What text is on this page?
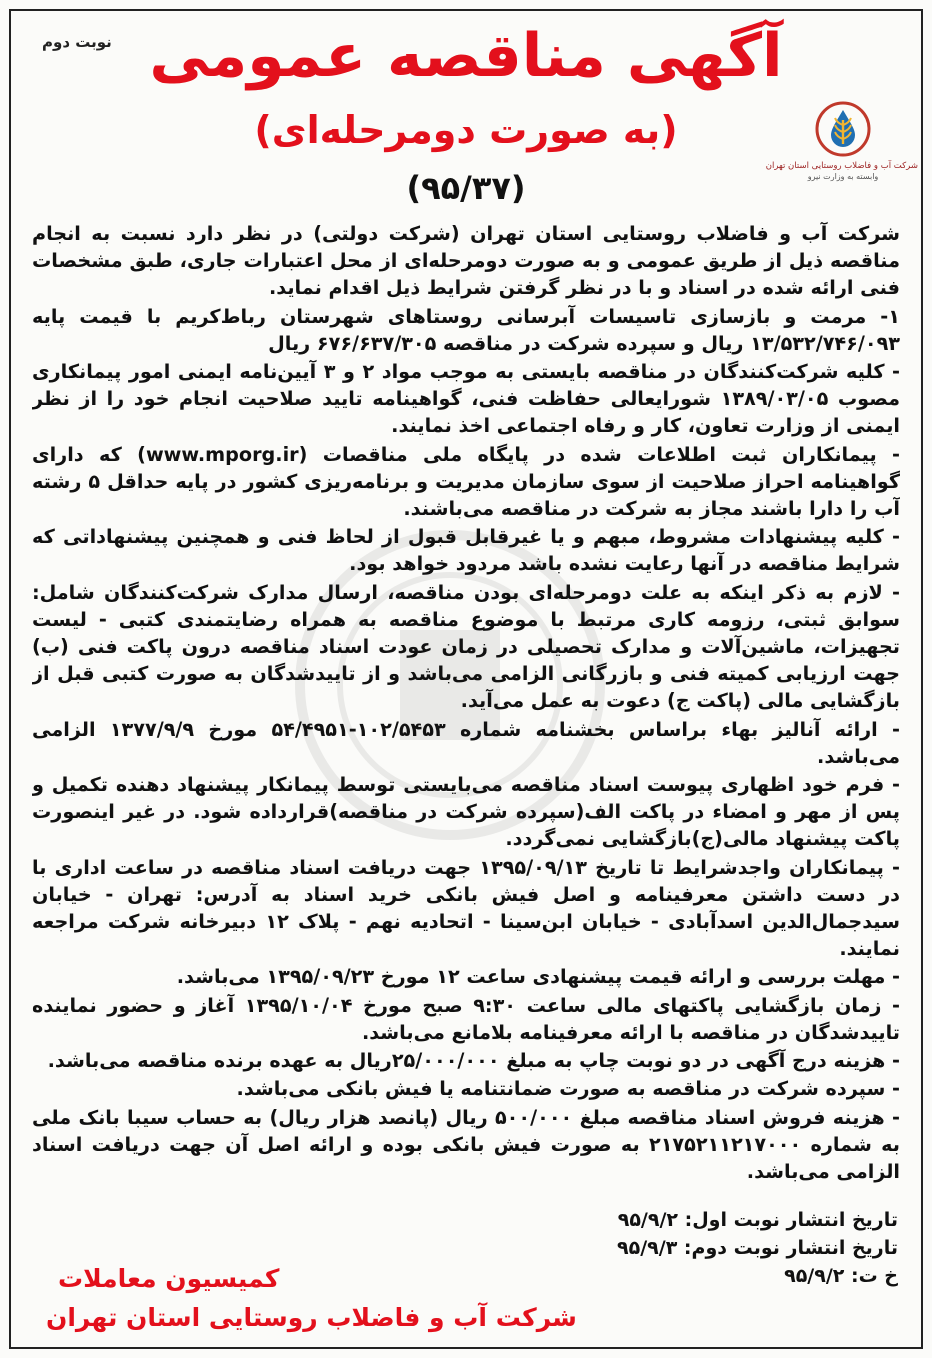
نوبت دوم آگهی مناقصه عمومی
(به صورت دومرحله‌ای)
(۹۵/۳۷)
شرکت آب و فاضلاب روستایی استان تهران
وابسته به وزارت نیرو

شرکت آب و فاضلاب روستایی استان تهران (شرکت دولتی) در نظر دارد نسبت به انجام مناقصه ذیل از طریق عمومی و به صورت دومرحله‌ای از محل اعتبارات جاری، طبق مشخصات فنی ارائه شده در اسناد و با در نظر گرفتن شرایط ذیل اقدام نماید.

۱- مرمت و بازسازی تاسیسات آبرسانی روستاهای شهرستان رباط‌کریم با قیمت پایه ۱۳/۵۳۲/۷۴۶/۰۹۳ ریال و سپرده شرکت در مناقصه ۶۷۶/۶۳۷/۳۰۵ ریال

- کلیه شرکت‌کنندگان در مناقصه بایستی به موجب مواد ۲ و ۳ آیین‌نامه ایمنی امور پیمانکاری مصوب ۱۳۸۹/۰۳/۰۵ شورایعالی حفاظت فنی، گواهینامه تایید صلاحیت انجام خود را از نظر ایمنی از وزارت تعاون، کار و رفاه اجتماعی اخذ نمایند.

- پیمانکاران ثبت اطلاعات شده در پایگاه ملی مناقصات (www.mporg.ir) که دارای گواهینامه احراز صلاحیت از سوی سازمان مدیریت و برنامه‌ریزی کشور در پایه حداقل ۵ رشته آب را دارا باشند مجاز به شرکت در مناقصه می‌باشند.

- کلیه پیشنهادات مشروط، مبهم و یا غیرقابل قبول از لحاظ فنی و همچنین پیشنهاداتی که شرایط مناقصه در آنها رعایت نشده باشد مردود خواهد بود.

- لازم به ذکر اینکه به علت دومرحله‌ای بودن مناقصه، ارسال مدارک شرکت‌کنندگان شامل: سوابق ثبتی، رزومه کاری مرتبط با موضوع مناقصه به همراه رضایتمندی کتبی - لیست تجهیزات، ماشین‌آلات و مدارک تحصیلی در زمان عودت اسناد مناقصه درون پاکت فنی (ب) جهت ارزیابی کمیته فنی و بازرگانی الزامی می‌باشد و از تاییدشدگان به صورت کتبی قبل از بازگشایی مالی (پاکت ج) دعوت به عمل می‌آید.

- ارائه آنالیز بهاء براساس بخشنامه شماره ۱۰۲/۵۴۵۳-۵۴/۴۹۵۱ مورخ ۱۳۷۷/۹/۹ الزامی می‌باشد.

- فرم خود اظهاری پیوست اسناد مناقصه می‌بایستی توسط پیمانکار پیشنهاد دهنده تکمیل و پس از مهر و امضاء در پاکت الف(سپرده شرکت در مناقصه)قرارداده شود. در غیر اینصورت پاکت پیشنهاد مالی(ج)بازگشایی نمی‌گردد.

- پیمانکاران واجدشرایط تا تاریخ ۱۳۹۵/۰۹/۱۳ جهت دریافت اسناد مناقصه در ساعت اداری با در دست داشتن معرفینامه و اصل فیش بانکی خرید اسناد به آدرس: تهران - خیابان سیدجمال‌الدین اسدآبادی - خیابان ابن‌سینا - اتحادیه نهم - پلاک ۱۲ دبیرخانه شرکت مراجعه نمایند.

- مهلت بررسی و ارائه قیمت پیشنهادی ساعت ۱۲ مورخ ۱۳۹۵/۰۹/۲۳ می‌باشد.

- زمان بازگشایی پاکتهای مالی ساعت ۹:۳۰ صبح مورخ ۱۳۹۵/۱۰/۰۴ آغاز و حضور نماینده تاییدشدگان در مناقصه با ارائه معرفینامه بلامانع می‌باشد.

- هزینه درج آگهی در دو نوبت چاپ به مبلغ ۲۵/۰۰۰/۰۰۰ریال به عهده برنده مناقصه می‌باشد.

- سپرده شرکت در مناقصه به صورت ضمانتنامه یا فیش بانکی می‌باشد.

- هزینه فروش اسناد مناقصه مبلغ ۵۰۰/۰۰۰ ریال (پانصد هزار ریال) به حساب سیبا بانک ملی به شماره ۲۱۷۵۲۱۱۲۱۷۰۰۰ به صورت فیش بانکی بوده و ارائه اصل آن جهت دریافت اسناد الزامی می‌باشد.

تاریخ انتشار نوبت اول: ۹۵/۹/۲
تاریخ انتشار نوبت دوم: ۹۵/۹/۳
خ ت: ۹۵/۹/۲
کمیسیون معاملات
شرکت آب و فاضلاب روستایی استان تهران
